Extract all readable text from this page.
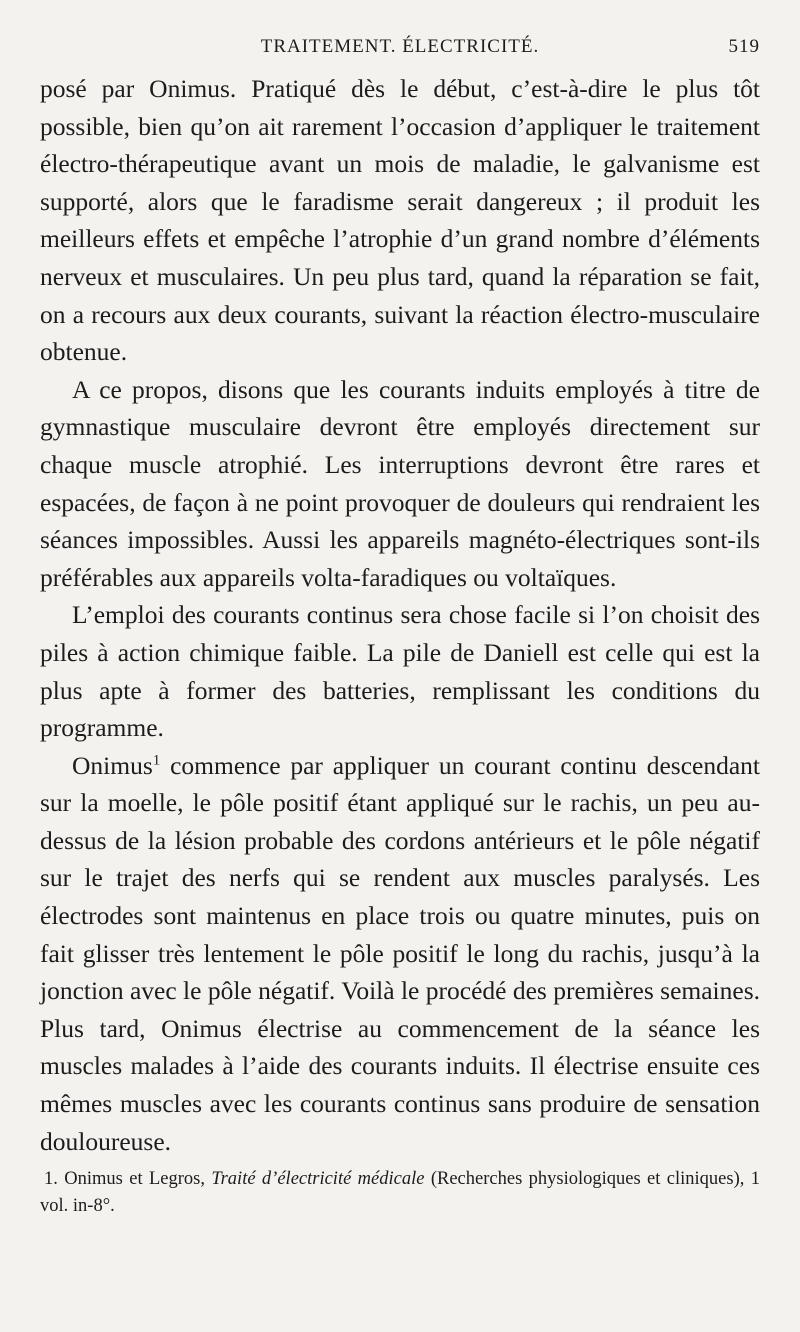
TRAITEMENT. ÉLECTRICITÉ.	519

posé par Onimus. Pratiqué dès le début, c’est-à-dire le plus tôt possible, bien qu’on ait rarement l’occasion d’appliquer le traitement électro-thérapeutique avant un mois de maladie, le galvanisme est supporté, alors que le faradisme serait dangereux ; il produit les meilleurs effets et empêche l’atrophie d’un grand nombre d’éléments nerveux et musculaires. Un peu plus tard, quand la réparation se fait, on a recours aux deux courants, suivant la réaction électro-musculaire obtenue.

A ce propos, disons que les courants induits employés à titre de gymnastique musculaire devront être employés directement sur chaque muscle atrophié. Les interruptions devront être rares et espacées, de façon à ne point provoquer de douleurs qui rendraient les séances impossibles. Aussi les appareils magnéto-électriques sont-ils préférables aux appareils volta-faradiques ou voltaïques.

L’emploi des courants continus sera chose facile si l’on choisit des piles à action chimique faible. La pile de Daniell est celle qui est la plus apte à former des batteries, remplissant les conditions du programme.

Onimus$^1$ commence par appliquer un courant continu descendant sur la moelle, le pôle positif étant appliqué sur le rachis, un peu au-dessus de la lésion probable des cordons antérieurs et le pôle négatif sur le trajet des nerfs qui se rendent aux muscles paralysés. Les électrodes sont maintenus en place trois ou quatre minutes, puis on fait glisser très lentement le pôle positif le long du rachis, jusqu’à la jonction avec le pôle négatif. Voilà le procédé des premières semaines. Plus tard, Onimus électrise au commencement de la séance les muscles malades à l’aide des courants induits. Il électrise ensuite ces mêmes muscles avec les courants continus sans produire de sensation douloureuse.

1. Onimus et Legros, Traité d’électricité médicale (Recherches physiologiques et cliniques), 1 vol. in-8°.
